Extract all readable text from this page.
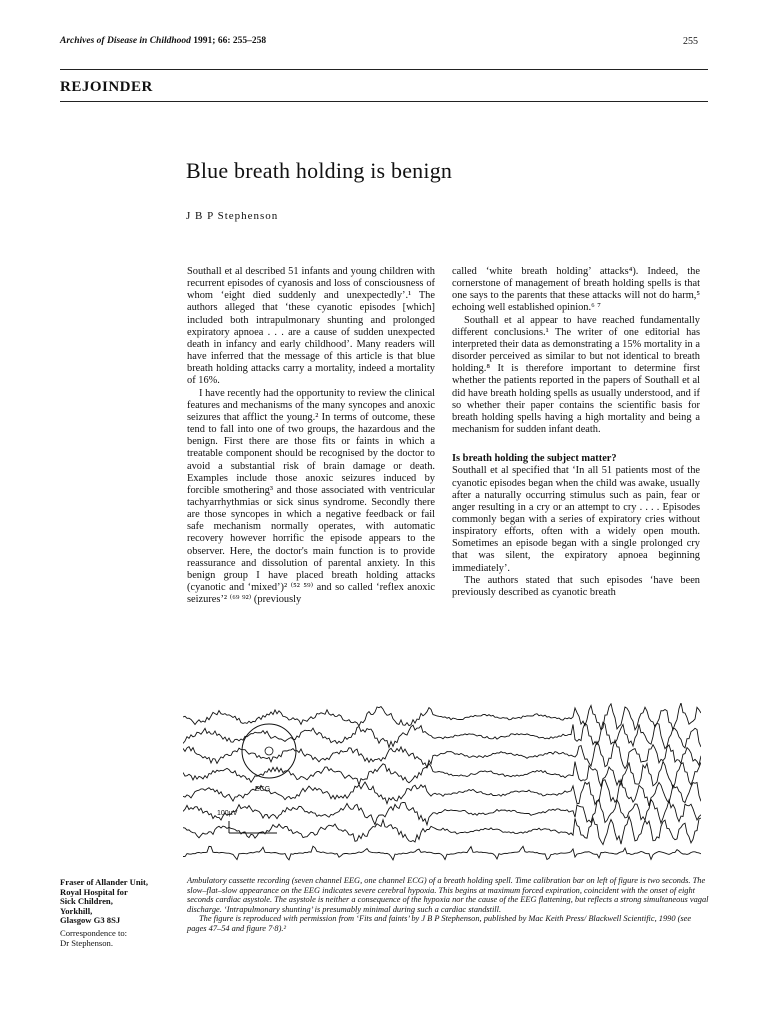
Archives of Disease in Childhood 1991; 66: 255–258	255
REJOINDER
Blue breath holding is benign
J B P Stephenson

Southall et al described 51 infants and young children with recurrent episodes of cyanosis and loss of consciousness of whom ‘eight died suddenly and unexpectedly’.¹ The authors alleged that ‘these cyanotic episodes [which] included both intrapulmonary shunting and prolonged expiratory apnoea . . . are a cause of sudden unexpected death in infancy and early childhood’. Many readers will have inferred that the message of this article is that blue breath holding attacks carry a mortality, indeed a mortality of 16%.

I have recently had the opportunity to review the clinical features and mechanisms of the many syncopes and anoxic seizures that afflict the young.² In terms of outcome, these tend to fall into one of two groups, the hazardous and the benign. First there are those fits or faints in which a treatable component should be recognised by the doctor to avoid a substantial risk of brain damage or death. Examples include those anoxic seizures induced by forcible smothering³ and those associated with ventricular tachyarrhythmias or sick sinus syndrome. Secondly there are those syncopes in which a negative feedback or fail safe mechanism normally operates, with automatic recovery however horrific the episode appears to the observer. Here, the doctor's main function is to provide reassurance and dissolution of parental anxiety. In this benign group I have placed breath holding attacks (cyanotic and ‘mixed’)² ⁽⁵² ⁵⁹⁾ and so called ‘reflex anoxic seizures’² ⁽⁶⁹ ⁹²⁾ (previously

called ‘white breath holding’ attacks⁴). Indeed, the cornerstone of management of breath holding spells is that one says to the parents that these attacks will not do harm,⁵ echoing well established opinion.⁶ ⁷

Southall et al appear to have reached fundamentally different conclusions.¹ The writer of one editorial has interpreted their data as demonstrating a 15% mortality in a disorder perceived as similar to but not identical to breath holding.⁸ It is therefore important to determine first whether the patients reported in the papers of Southall et al did have breath holding spells as usually understood, and if so whether their paper contains the scientific basis for breath holding spells having a high mortality and being a mechanism for sudden infant death.

Is breath holding the subject matter?

Southall et al specified that ‘In all 51 patients most of the cyanotic episodes began when the child was awake, usually after a naturally occurring stimulus such as pain, fear or anger resulting in a cry or an attempt to cry . . . . Episodes commonly began with a series of expiratory cries without inspiratory efforts, often with a widely open mouth. Sometimes an episode began with a single prolonged cry that was silent, the expiratory apnoea beginning immediately’.

The authors stated that such episodes ‘have been previously described as cyanotic breath

ECG
100µV

Ambulatory cassette recording (seven channel EEG, one channel ECG) of a breath holding spell. Time calibration bar on left of figure is two seconds. The slow–flat–slow appearance on the EEG indicates severe cerebral hypoxia. This begins at maximum forced expiration, coincident with the onset of eight seconds cardiac asystole. The asystole is neither a consequence of the hypoxia nor the cause of the EEG flattening, but reflects a strong simultaneous vagal discharge. ‘Intrapulmonary shunting’ is presumably minimal during such a cardiac standstill.

The figure is reproduced with permission from ‘Fits and faints’ by J B P Stephenson, published by Mac Keith Press/ Blackwell Scientific, 1990 (see pages 47–54 and figure 7·8).²

Fraser of Allander Unit,
Royal Hospital for
Sick Children,
Yorkhill,
Glasgow G3 8SJ
Correspondence to:
Dr Stephenson.
